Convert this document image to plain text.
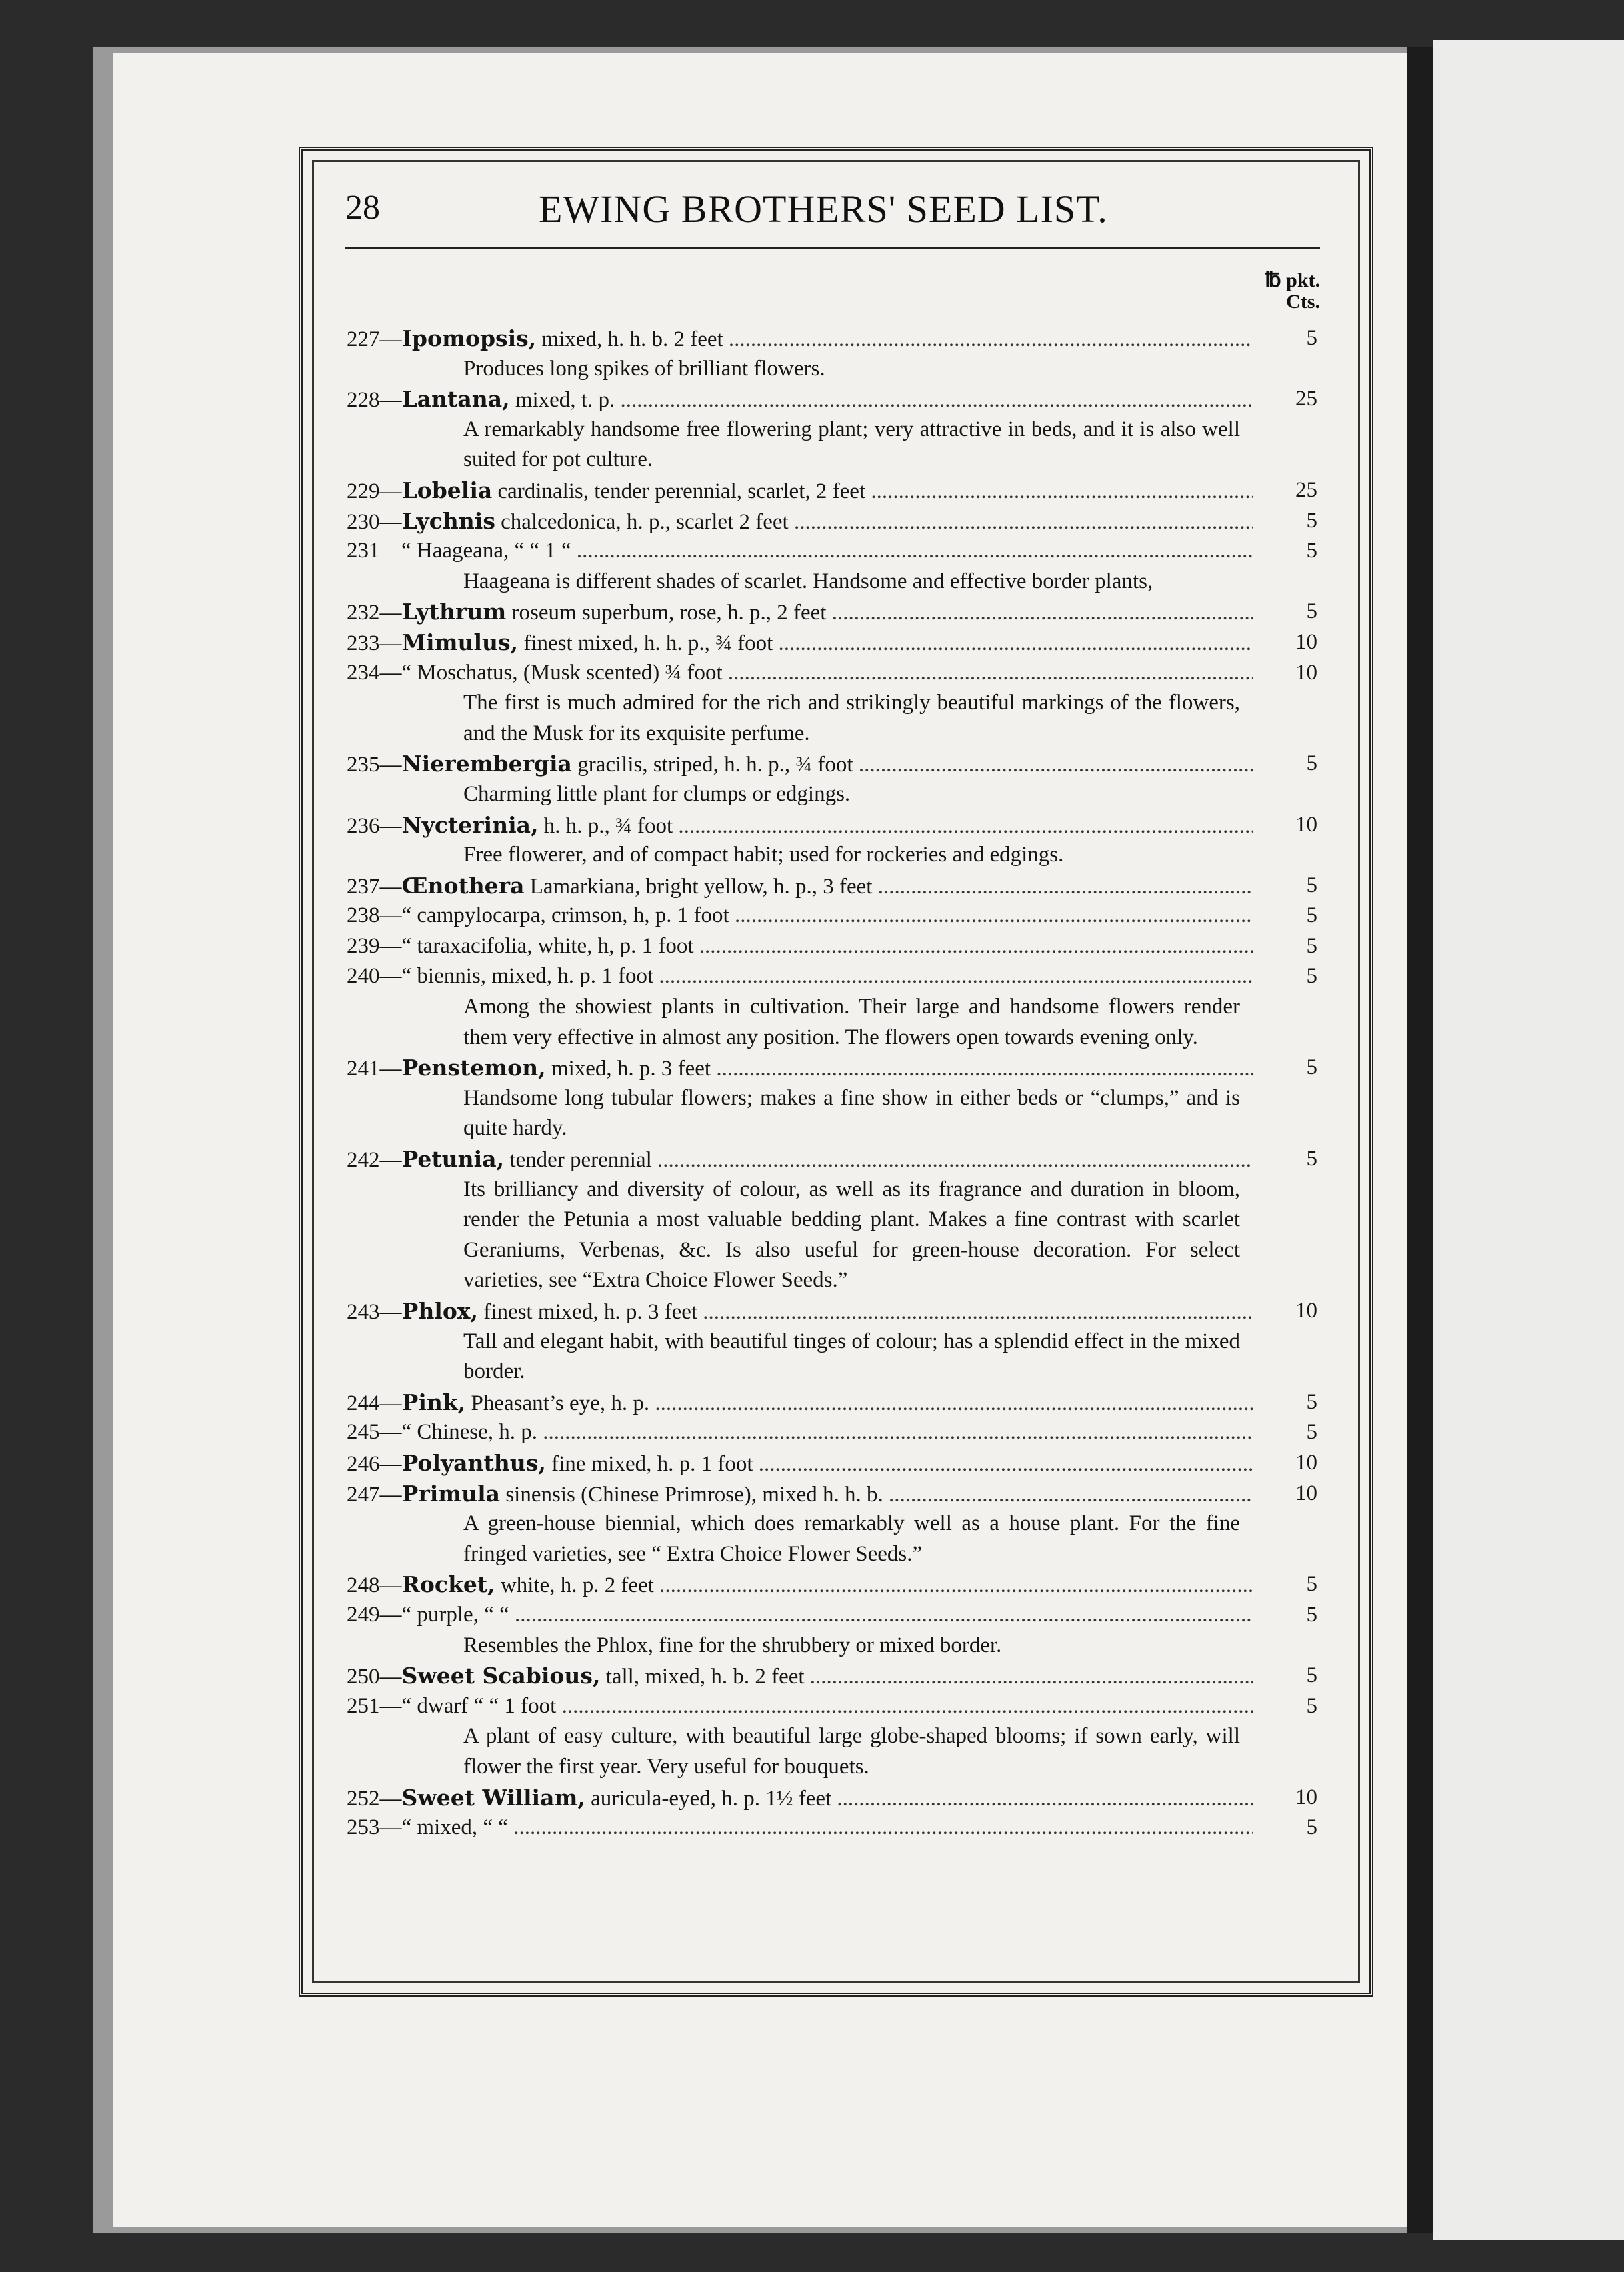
28	EWING BROTHERS' SEED LIST.
℔ pkt.
Cts.
227—Ipomopsis, mixed, h. h. b. 2 feet .....	5
Produces long spikes of brilliant flowers.
228—Lantana, mixed, t. p. .....	25
A remarkably handsome free flowering plant; very attractive in beds, and it is also well suited for pot culture.
229—Lobelia cardinalis, tender perennial, scarlet, 2 feet .....	25
230—Lychnis chalcedonica, h. p., scarlet 2 feet .....	5
231 “ Haageana, “ “ 1 “ .....	5
Haageana is different shades of scarlet. Handsome and effective border plants,
232—Lythrum roseum superbum, rose, h. p., 2 feet .....	5
233—Mimulus, finest mixed, h. h. p., ¾ foot .....	10
234—“ Moschatus, (Musk scented) ¾ foot .....	10
The first is much admired for the rich and strikingly beautiful markings of the flowers, and the Musk for its exquisite perfume.
235—Nierembergia gracilis, striped, h. h. p., ¾ foot .....	5
Charming little plant for clumps or edgings.
236—Nycterinia, h. h. p., ¾ foot .....	10
Free flowerer, and of compact habit; used for rockeries and edgings.
237—Œnothera Lamarkiana, bright yellow, h. p., 3 feet .....	5
238—“ campylocarpa, crimson, h, p. 1 foot .....	5
239—“ taraxacifolia, white, h, p. 1 foot .....	5
240—“ biennis, mixed, h. p. 1 foot .....	5
Among the showiest plants in cultivation. Their large and handsome flowers render them very effective in almost any position. The flowers open towards evening only.
241—Penstemon, mixed, h. p. 3 feet .....	5
Handsome long tubular flowers; makes a fine show in either beds or “clumps,” and is quite hardy.
242—Petunia, tender perennial .....	5
Its brilliancy and diversity of colour, as well as its fragrance and duration in bloom, render the Petunia a most valuable bedding plant. Makes a fine contrast with scarlet Geraniums, Verbenas, &c. Is also useful for green-house decoration. For select varieties, see “Extra Choice Flower Seeds.”
243—Phlox, finest mixed, h. p. 3 feet .....	10
Tall and elegant habit, with beautiful tinges of colour; has a splendid effect in the mixed border.
244—Pink, Pheasant’s eye, h. p. .....	5
245—“ Chinese, h. p. .....	5
246—Polyanthus, fine mixed, h. p. 1 foot .....	10
247—Primula sinensis (Chinese Primrose), mixed h. h. b. .....	10
A green-house biennial, which does remarkably well as a house plant. For the fine fringed varieties, see “ Extra Choice Flower Seeds.”
248—Rocket, white, h. p. 2 feet .....	5
249—“ purple, “ “ .....	5
Resembles the Phlox, fine for the shrubbery or mixed border.
250—Sweet Scabious, tall, mixed, h. b. 2 feet .....	5
251—“ dwarf “ “ 1 foot .....	5
A plant of easy culture, with beautiful large globe-shaped blooms; if sown early, will flower the first year. Very useful for bouquets.
252—Sweet William, auricula-eyed, h. p. 1½ feet .....	10
253—“ mixed, “ “ .....	5
